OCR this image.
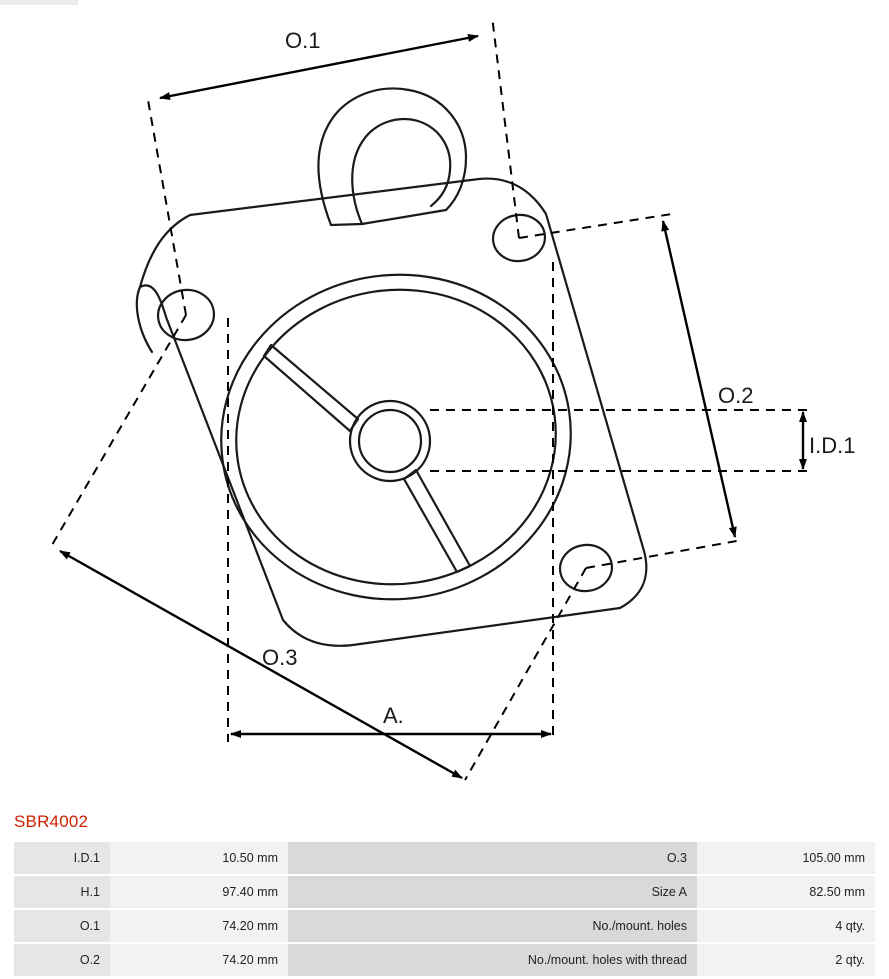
O.1
O.2
O.3
I.D.1
A.
SBR4002
I.D.1	10.50 mm	O.3	105.00 mm
H.1	97.40 mm	Size A	82.50 mm
O.1	74.20 mm	No./mount. holes	4 qty.
O.2	74.20 mm	No./mount. holes with thread	2 qty.
